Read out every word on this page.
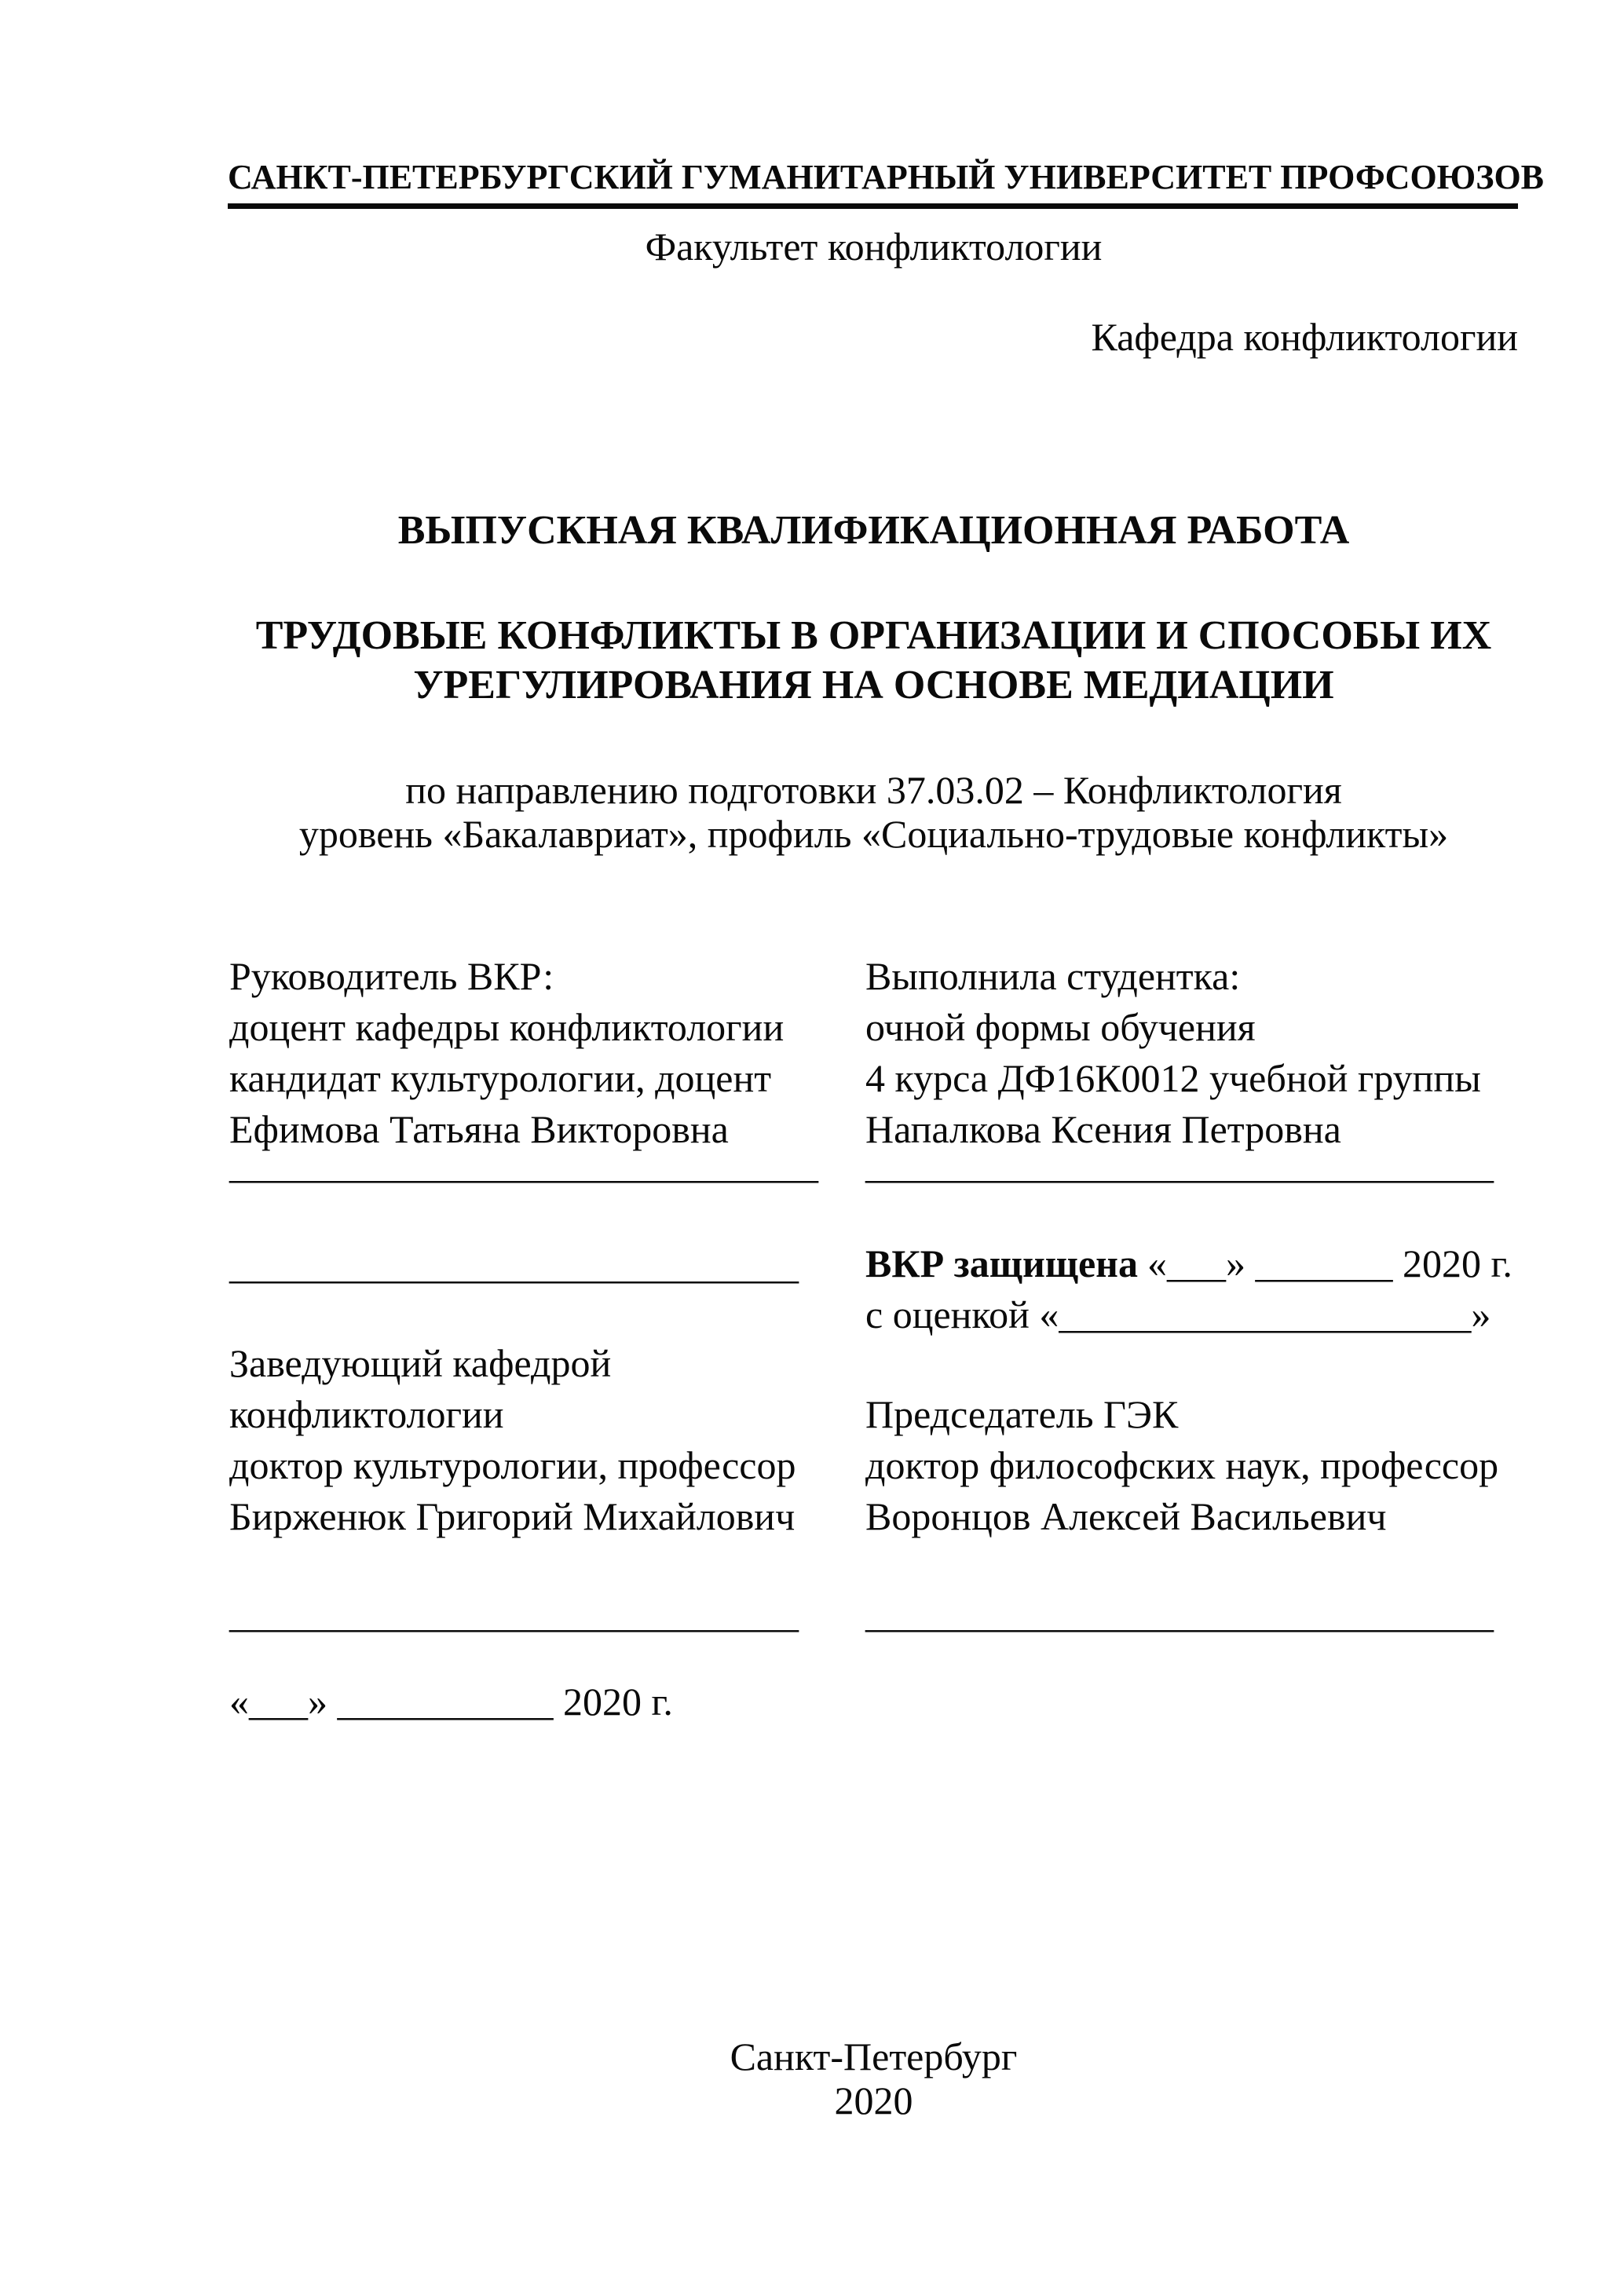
САНКТ-ПЕТЕРБУРГСКИЙ ГУМАНИТАРНЫЙ УНИВЕРСИТЕТ ПРОФСОЮЗОВ
Факультет конфликтологии
Кафедра конфликтологии
ВЫПУСКНАЯ КВАЛИФИКАЦИОННАЯ РАБОТА
ТРУДОВЫЕ КОНФЛИКТЫ В ОРГАНИЗАЦИИ И СПОСОБЫ ИХ
УРЕГУЛИРОВАНИЯ НА ОСНОВЕ МЕДИАЦИИ
по направлению подготовки 37.03.02 – Конфликтология
уровень «Бакалавриат», профиль «Социально-трудовые конфликты»
Руководитель ВКР:
доцент кафедры конфликтологии
кандидат культурологии, доцент
Ефимова Татьяна Викторовна
______________________________
Выполнила студентка:
очной формы обучения
4 курса ДФ16К0012 учебной группы
Напалкова Ксения Петровна
________________________________
_____________________________
Заведующий кафедрой
конфликтологии
доктор культурологии, профессор
Бирженюк Григорий Михайлович
_____________________________
«___» ___________ 2020 г.
ВКР защищена «___» _______ 2020 г.
с оценкой «_____________________»
Председатель ГЭК
доктор философских наук, профессор
Воронцов Алексей Васильевич
________________________________
Санкт-Петербург
2020
